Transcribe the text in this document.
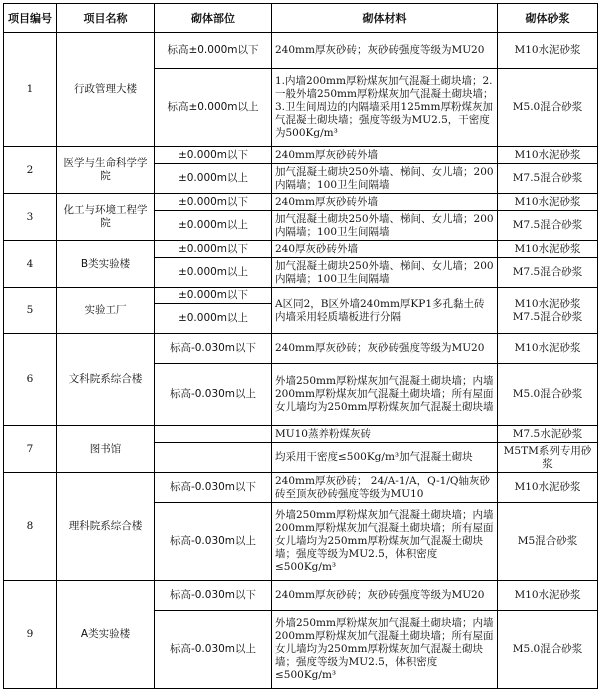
项目编号	项目名称	砌体部位	砌体材料	砌体砂浆
1	行政管理大楼	标高±0.000m以下	240mm厚灰砂砖；灰砂砖强度等级为MU20	M10水泥砂浆
		标高±0.000m以上	1.内墙200mm厚粉煤灰加气混凝土砌块墙；2.一般外墙250mm厚粉煤灰加气混凝土砌块墙；3.卫生间周边的内隔墙采用125mm厚粉煤灰加气混凝土砌块墙；强度等级为MU2.5，干密度为500Kg/m³	M5.0混合砂浆
2	医学与生命科学学院	±0.000m以下	240mm厚灰砂砖外墙	M10水泥砂浆
		±0.000m以上	加气混凝土砌块250外墙、梯间、女儿墙；200内隔墙；100卫生间隔墙	M7.5混合砂浆
3	化工与环境工程学院	±0.000m以下	240mm厚灰砂砖外墙	M10水泥砂浆
		±0.000m以上	加气混凝土砌块250外墙、梯间、女儿墙；200内隔墙；100卫生间隔墙	M7.5混合砂浆
4	B类实验楼	±0.000m以下	240厚灰砂砖外墙	M10水泥砂浆
		±0.000m以上	加气混凝土砌块250外墙、梯间、女儿墙；200内隔墙；100卫生间隔墙	M7.5混合砂浆
5	实验工厂	±0.000m以下	A区同2，B区外墙240mm厚KP1多孔黏土砖 内墙采用轻质墙板进行分隔	M10水泥砂浆 M7.5混合砂浆
		±0.000m以上		
6	文科院系综合楼	标高-0.030m以下	240mm厚灰砂砖；灰砂砖强度等级为MU20	M10水泥砂浆
		标高-0.030m以上	外墙250mm厚粉煤灰加气混凝土砌块墙；内墙200mm厚粉煤灰加气混凝土砌块墙；所有屋面女儿墙均为250mm厚粉煤灰加气混凝土砌块墙	M5.0混合砂浆
7	图书馆		MU10蒸养粉煤灰砖	M7.5水泥砂浆
			均采用干密度≤500Kg/m³加气混凝土砌块	M5TM系列专用砂浆
8	理科院系综合楼	标高-0.030m以下	240mm厚灰砂砖； 24/A-1/A，Q-1/Q轴灰砂砖至顶灰砂砖强度等级为MU10	M10水泥砂浆
		标高-0.030m以上	外墙250mm厚粉煤灰加气混凝土砌块墙；内墙200mm厚粉煤灰加气混凝土砌块墙；所有屋面女儿墙均为250mm厚粉煤灰加气混凝土砌块墙；强度等级为MU2.5，体积密度≤500Kg/m³	M5混合砂浆
9	A类实验楼	标高-0.030m以下	240mm厚灰砂砖；灰砂砖强度等级为MU20	M10水泥砂浆
		标高-0.030m以上	外墙250mm厚粉煤灰加气混凝土砌块墙；内墙200mm厚粉煤灰加气混凝土砌块墙；所有屋面女儿墙均为250mm厚粉煤灰加气混凝土砌块墙；强度等级为MU2.5，体积密度≤500Kg/m³	M5.0混合砂浆
